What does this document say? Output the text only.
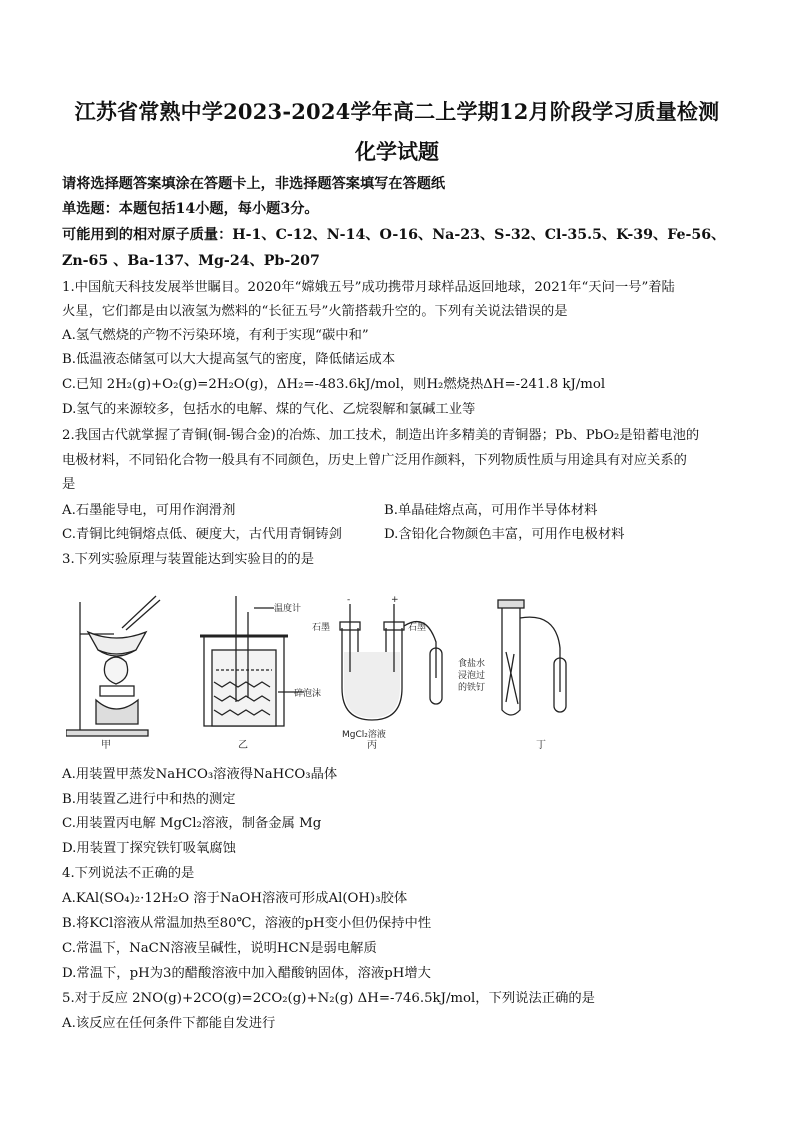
江苏省常熟中学2023-2024学年高二上学期12月阶段学习质量检测
化学试题
请将选择题答案填涂在答题卡上，非选择题答案填写在答题纸
单选题：本题包括14小题，每小题3分。
可能用到的相对原子质量：H-1、C-12、N-14、O-16、Na-23、S-32、Cl-35.5、K-39、Fe-56、
Zn-65 、Ba-137、Mg-24、Pb-207
1.中国航天科技发展举世瞩目。2020年“嫦娥五号”成功携带月球样品返回地球，2021年“天问一号”着陆
火星，它们都是由以液氢为燃料的“长征五号”火箭搭载升空的。下列有关说法错误的是
A.氢气燃烧的产物不污染环境，有利于实现“碳中和”
B.低温液态储氢可以大大提高氢气的密度，降低储运成本
C.已知 2H₂(g)+O₂(g)=2H₂O(g)，ΔH₂=-483.6kJ/mol，则H₂燃烧热ΔH=-241.8 kJ/mol
D.氢气的来源较多，包括水的电解、煤的气化、乙烷裂解和氯碱工业等
2.我国古代就掌握了青铜(铜-锡合金)的冶炼、加工技术，制造出许多精美的青铜器；Pb、PbO₂是铅蓄电池的
电极材料，不同铅化合物一般具有不同颜色，历史上曾广泛用作颜料，下列物质性质与用途具有对应关系的
是
A.石墨能导电，可用作润滑剂	B.单晶硅熔点高，可用作半导体材料
C.青铜比纯铜熔点低、硬度大，古代用青铜铸剑	D.含铅化合物颜色丰富，可用作电极材料
3.下列实验原理与装置能达到实验目的的是
甲
温度计
碎泡沫
乙
-	+
石墨	石墨
MgCl₂溶液
丙
食盐水
浸泡过
的铁钉
丁
A.用装置甲蒸发NaHCO₃溶液得NaHCO₃晶体
B.用装置乙进行中和热的测定
C.用装置丙电解 MgCl₂溶液，制备金属 Mg
D.用装置丁探究铁钉吸氧腐蚀
4.下列说法不正确的是
A.KAl(SO₄)₂·12H₂O 溶于NaOH溶液可形成Al(OH)₃胶体
B.将KCl溶液从常温加热至80℃，溶液的pH变小但仍保持中性
C.常温下，NaCN溶液呈碱性，说明HCN是弱电解质
D.常温下，pH为3的醋酸溶液中加入醋酸钠固体，溶液pH增大
5.对于反应 2NO(g)+2CO(g)=2CO₂(g)+N₂(g) ΔH=-746.5kJ/mol，下列说法正确的是
A.该反应在任何条件下都能自发进行
